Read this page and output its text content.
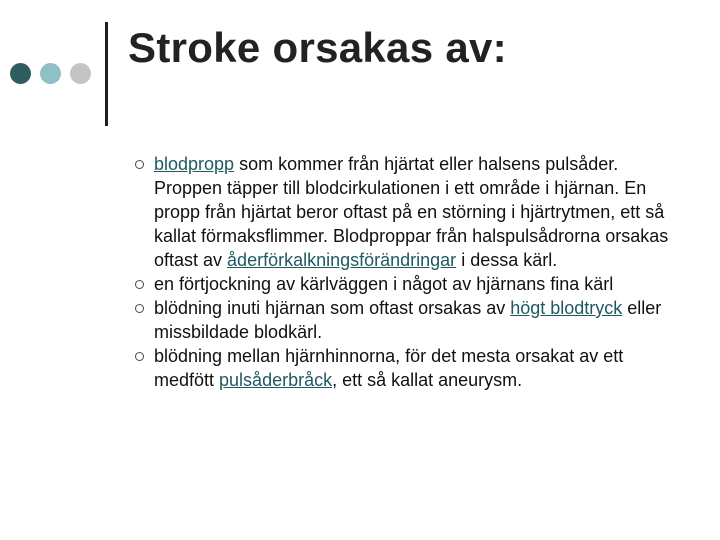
Stroke orsakas av:
blodpropp som kommer från hjärtat eller halsens pulsåder. Proppen täpper till blodcirkulationen i ett område i hjärnan. En propp från hjärtat beror oftast på en störning i hjärtrytmen, ett så kallat förmaksflimmer. Blodproppar från halspulsådrorna orsakas oftast av åderförkalkningsförändringar i dessa kärl.
en förtjockning av kärlväggen i något av hjärnans fina kärl
blödning inuti hjärnan som oftast orsakas av högt blodtryck eller missbildade blodkärl.
blödning mellan hjärnhinnorna, för det mesta orsakat av ett medfött pulsåderbråck, ett så kallat aneurysm.
